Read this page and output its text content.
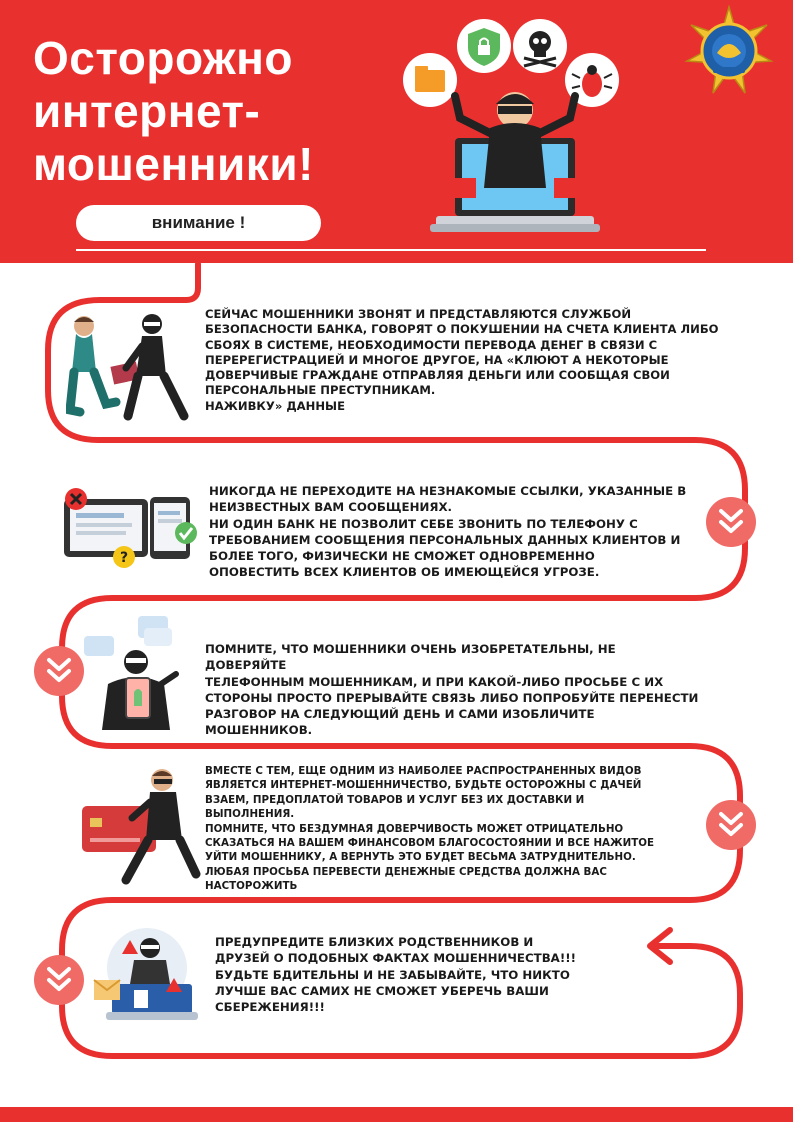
Осторожно
интернет-
мошенники!
внимание !
?
СЕЙЧАС МОШЕННИКИ ЗВОНЯТ И ПРЕДСТАВЛЯЮТСЯ СЛУЖБОЙ
БЕЗОПАСНОСТИ БАНКА, ГОВОРЯТ О ПОКУШЕНИИ НА СЧЕТА КЛИЕНТА ЛИБО
СБОЯХ В СИСТЕМЕ, НЕОБХОДИМОСТИ ПЕРЕВОДА ДЕНЕГ В СВЯЗИ С
ПЕРЕРЕГИСТРАЦИЕЙ И МНОГОЕ ДРУГОЕ, НА «КЛЮЮТ А НЕКОТОРЫЕ
ДОВЕРЧИВЫЕ ГРАЖДАНЕ ОТПРАВЛЯЯ ДЕНЬГИ ИЛИ СООБЩАЯ СВОИ
ПЕРСОНАЛЬНЫЕ ПРЕСТУПНИКАМ.
НАЖИВКУ» ДАННЫЕ
НИКОГДА НЕ ПЕРЕХОДИТЕ НА НЕЗНАКОМЫЕ ССЫЛКИ, УКАЗАННЫЕ В
НЕИЗВЕСТНЫХ ВАМ СООБЩЕНИЯХ.
НИ ОДИН БАНК НЕ ПОЗВОЛИТ СЕБЕ ЗВОНИТЬ ПО ТЕЛЕФОНУ С
ТРЕБОВАНИЕМ СООБЩЕНИЯ ПЕРСОНАЛЬНЫХ ДАННЫХ КЛИЕНТОВ И
БОЛЕЕ ТОГО, ФИЗИЧЕСКИ НЕ СМОЖЕТ ОДНОВРЕМЕННО
ОПОВЕСТИТЬ ВСЕХ КЛИЕНТОВ ОБ ИМЕЮЩЕЙСЯ УГРОЗЕ.
ПОМНИТЕ, ЧТО МОШЕННИКИ ОЧЕНЬ ИЗОБРЕТАТЕЛЬНЫ, НЕ ДОВЕРЯЙТЕ
ТЕЛЕФОННЫМ МОШЕННИКАМ, И ПРИ КАКОЙ-ЛИБО ПРОСЬБЕ С ИХ
СТОРОНЫ ПРОСТО ПРЕРЫВАЙТЕ СВЯЗЬ ЛИБО ПОПРОБУЙТЕ ПЕРЕНЕСТИ
РАЗГОВОР НА СЛЕДУЮЩИЙ ДЕНЬ И САМИ ИЗОБЛИЧИТЕ
МОШЕННИКОВ.
ВМЕСТЕ С ТЕМ, ЕЩЕ ОДНИМ ИЗ НАИБОЛЕЕ РАСПРОСТРАНЕННЫХ ВИДОВ
ЯВЛЯЕТСЯ ИНТЕРНЕТ-МОШЕННИЧЕСТВО, БУДЬТЕ ОСТОРОЖНЫ С ДАЧЕЙ
ВЗАЕМ, ПРЕДОПЛАТОЙ ТОВАРОВ И УСЛУГ БЕЗ ИХ ДОСТАВКИ И
ВЫПОЛНЕНИЯ.
ПОМНИТЕ, ЧТО БЕЗДУМНАЯ ДОВЕРЧИВОСТЬ МОЖЕТ ОТРИЦАТЕЛЬНО
СКАЗАТЬСЯ НА ВАШЕМ ФИНАНСОВОМ БЛАГОСОСТОЯНИИ И ВСЕ НАЖИТОЕ
УЙТИ МОШЕННИКУ, А ВЕРНУТЬ ЭТО БУДЕТ ВЕСЬМА ЗАТРУДНИТЕЛЬНО.
ЛЮБАЯ ПРОСЬБА ПЕРЕВЕСТИ ДЕНЕЖНЫЕ СРЕДСТВА ДОЛЖНА ВАС
НАСТОРОЖИТЬ
ПРЕДУПРЕДИТЕ БЛИЗКИХ РОДСТВЕННИКОВ И
ДРУЗЕЙ О ПОДОБНЫХ ФАКТАХ МОШЕННИЧЕСТВА!!!
БУДЬТЕ БДИТЕЛЬНЫ И НЕ ЗАБЫВАЙТЕ, ЧТО НИКТО
ЛУЧШЕ ВАС САМИХ НЕ СМОЖЕТ УБЕРЕЧЬ ВАШИ
СБЕРЕЖЕНИЯ!!!
